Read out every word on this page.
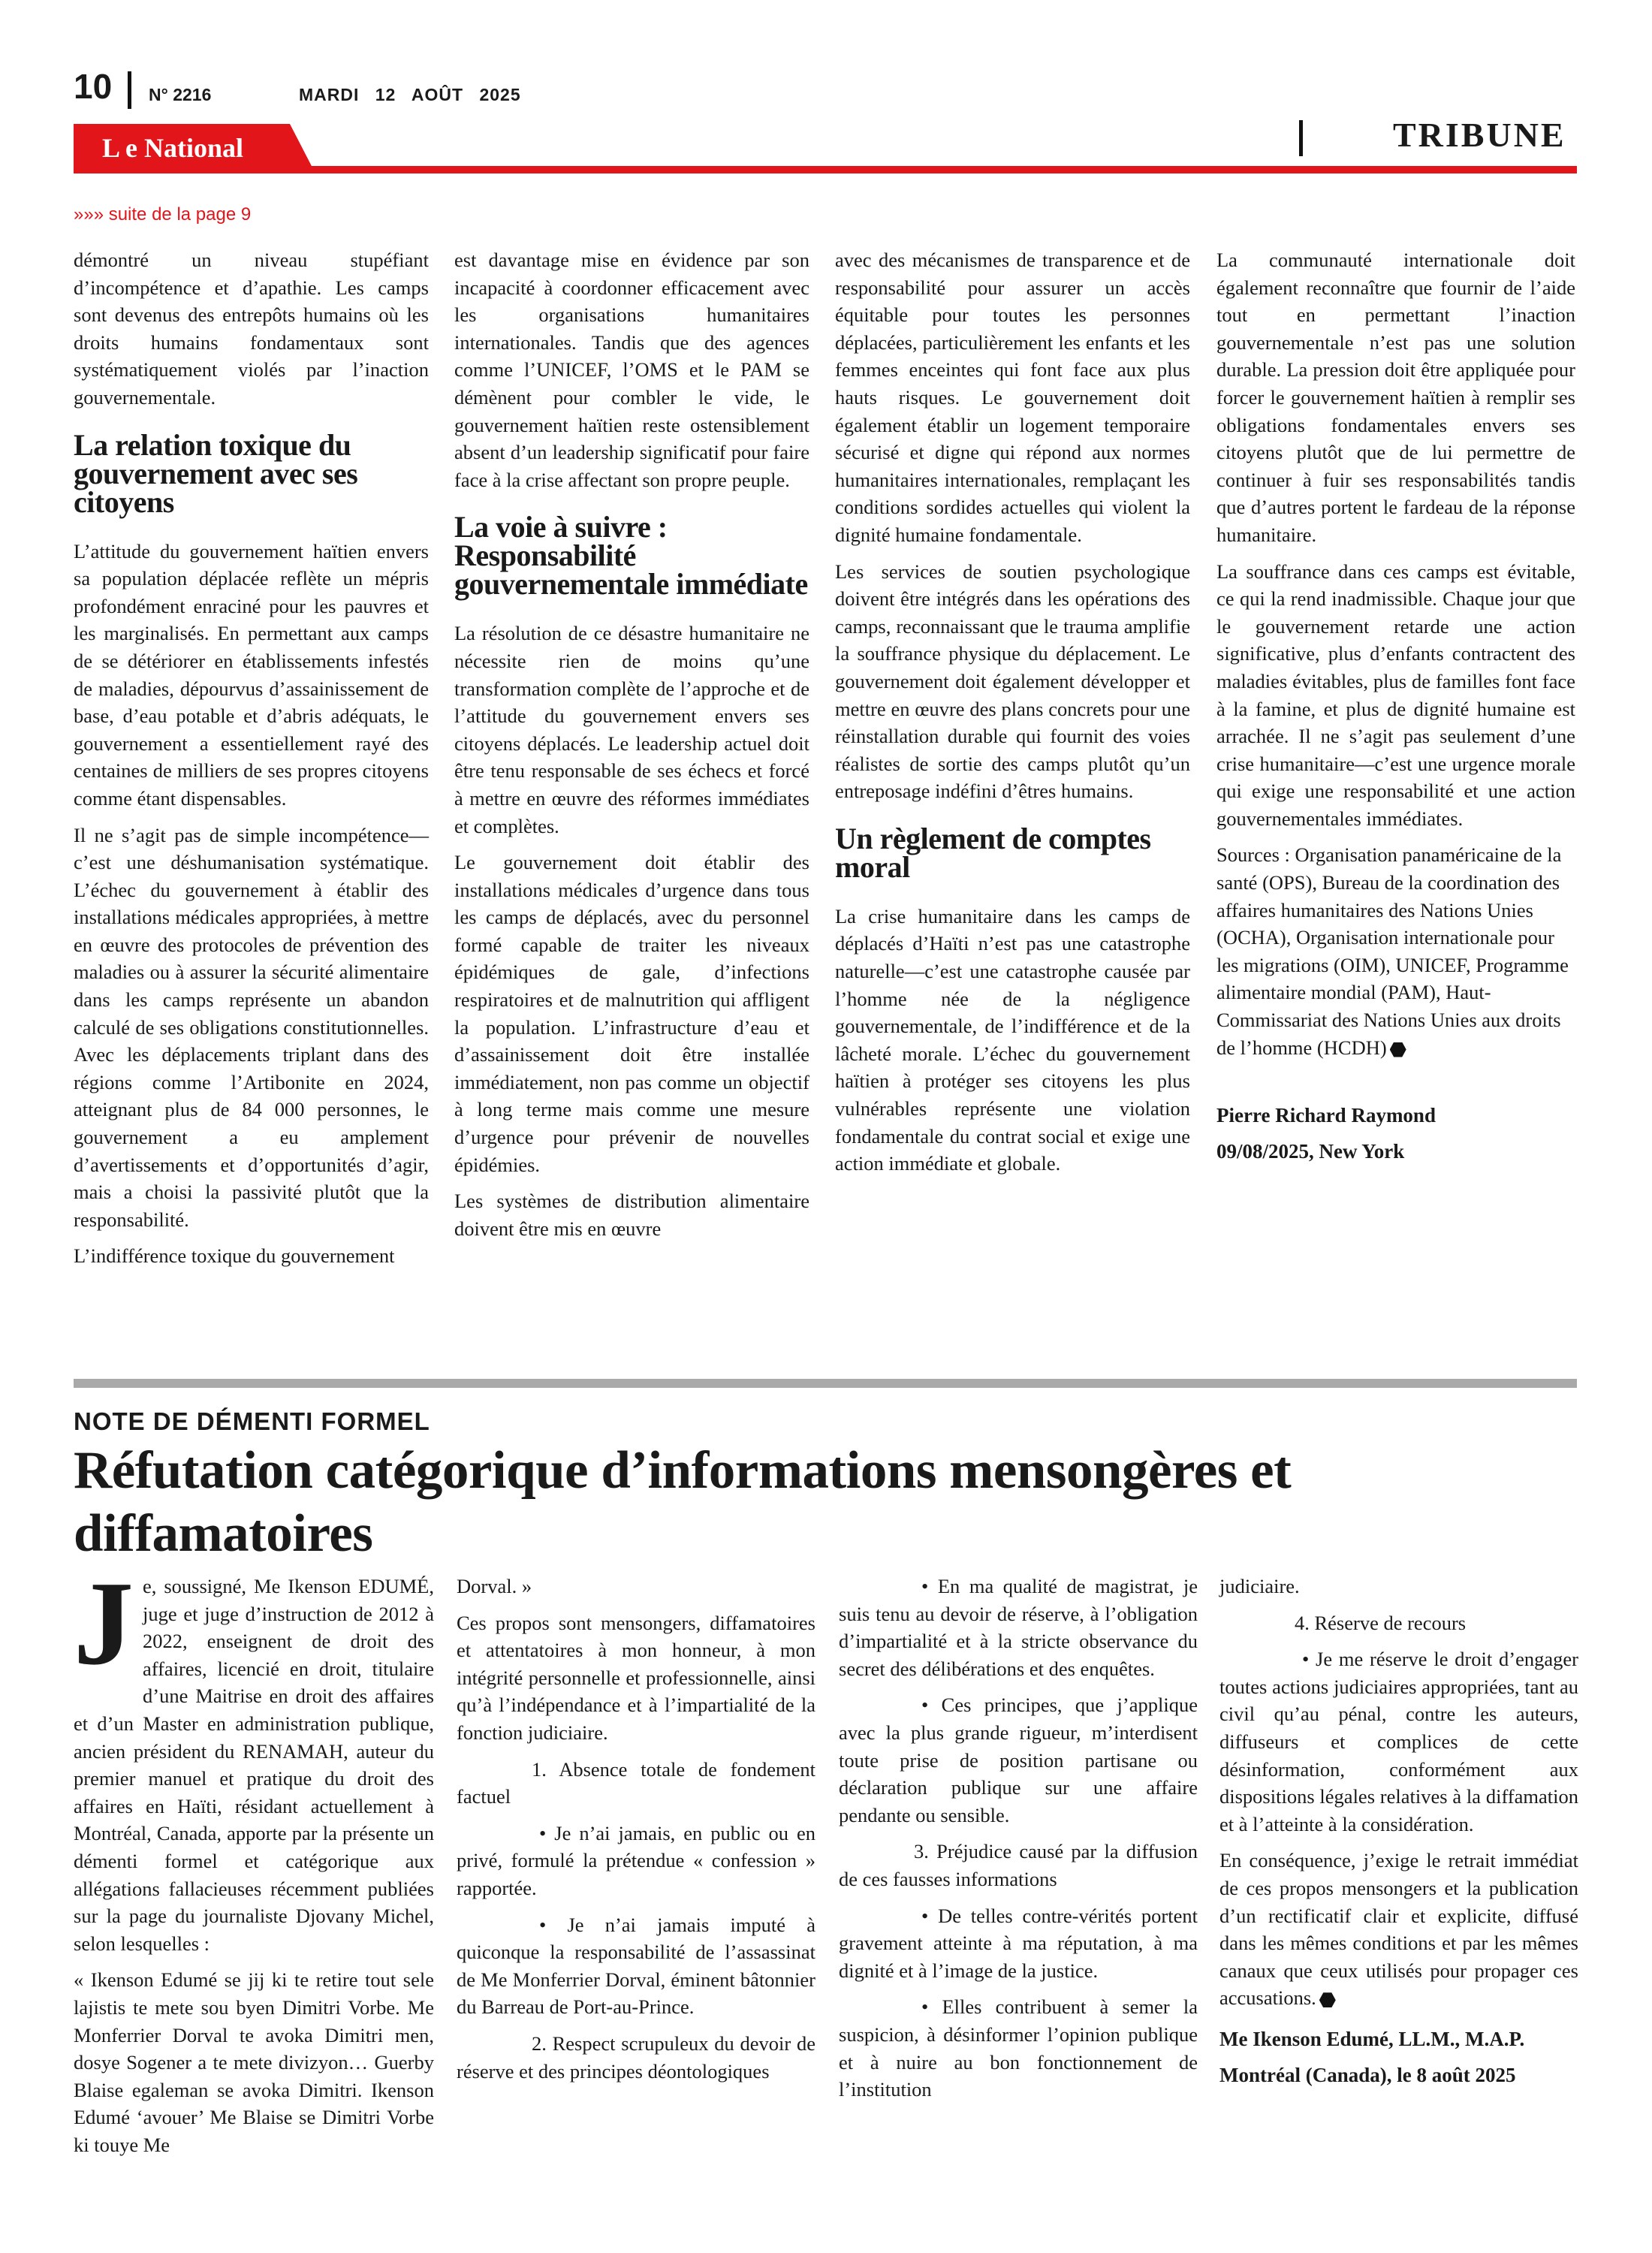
10 N° 2216	MARDI 12 AOÛT 2025
L e National	TRIBUNE
»»» suite de la page 9

démontré un niveau stupéfiant d’incompétence et d’apathie. Les camps sont devenus des entrepôts humains où les droits humains fondamentaux sont systématiquement violés par l’inaction gouvernementale.

La relation toxique du gouvernement avec ses citoyens

L’attitude du gouvernement haïtien envers sa population déplacée reflète un mépris profondément enraciné pour les pauvres et les marginalisés. En permettant aux camps de se détériorer en établissements infestés de maladies, dépourvus d’assainissement de base, d’eau potable et d’abris adéquats, le gouvernement a essentiellement rayé des centaines de milliers de ses propres citoyens comme étant dispensables.

Il ne s’agit pas de simple incompétence—c’est une déshumanisation systématique. L’échec du gouvernement à établir des installations médicales appropriées, à mettre en œuvre des protocoles de prévention des maladies ou à assurer la sécurité alimentaire dans les camps représente un abandon calculé de ses obligations constitutionnelles. Avec les déplacements triplant dans des régions comme l’Artibonite en 2024, atteignant plus de 84 000 personnes, le gouvernement a eu amplement d’avertissements et d’opportunités d’agir, mais a choisi la passivité plutôt que la responsabilité.

L’indifférence toxique du gouvernement

est davantage mise en évidence par son incapacité à coordonner efficacement avec les organisations humanitaires internationales. Tandis que des agences comme l’UNICEF, l’OMS et le PAM se démènent pour combler le vide, le gouvernement haïtien reste ostensiblement absent d’un leadership significatif pour faire face à la crise affectant son propre peuple.

La voie à suivre : Responsabilité gouvernementale immédiate

La résolution de ce désastre humanitaire ne nécessite rien de moins qu’une transformation complète de l’approche et de l’attitude du gouvernement envers ses citoyens déplacés. Le leadership actuel doit être tenu responsable de ses échecs et forcé à mettre en œuvre des réformes immédiates et complètes.

Le gouvernement doit établir des installations médicales d’urgence dans tous les camps de déplacés, avec du personnel formé capable de traiter les niveaux épidémiques de gale, d’infections respiratoires et de malnutrition qui affligent la population. L’infrastructure d’eau et d’assainissement doit être installée immédiatement, non pas comme un objectif à long terme mais comme une mesure d’urgence pour prévenir de nouvelles épidémies.

Les systèmes de distribution alimentaire doivent être mis en œuvre

avec des mécanismes de transparence et de responsabilité pour assurer un accès équitable pour toutes les personnes déplacées, particulièrement les enfants et les femmes enceintes qui font face aux plus hauts risques. Le gouvernement doit également établir un logement temporaire sécurisé et digne qui répond aux normes humanitaires internationales, remplaçant les conditions sordides actuelles qui violent la dignité humaine fondamentale.

Les services de soutien psychologique doivent être intégrés dans les opérations des camps, reconnaissant que le trauma amplifie la souffrance physique du déplacement. Le gouvernement doit également développer et mettre en œuvre des plans concrets pour une réinstallation durable qui fournit des voies réalistes de sortie des camps plutôt qu’un entreposage indéfini d’êtres humains.

Un règlement de comptes moral

La crise humanitaire dans les camps de déplacés d’Haïti n’est pas une catastrophe naturelle—c’est une catastrophe causée par l’homme née de la négligence gouvernementale, de l’indifférence et de la lâcheté morale. L’échec du gouvernement haïtien à protéger ses citoyens les plus vulnérables représente une violation fondamentale du contrat social et exige une action immédiate et globale.

La communauté internationale doit également reconnaître que fournir de l’aide tout en permettant l’inaction gouvernementale n’est pas une solution durable. La pression doit être appliquée pour forcer le gouvernement haïtien à remplir ses obligations fondamentales envers ses citoyens plutôt que de lui permettre de continuer à fuir ses responsabilités tandis que d’autres portent le fardeau de la réponse humanitaire.

La souffrance dans ces camps est évitable, ce qui la rend inadmissible. Chaque jour que le gouvernement retarde une action significative, plus d’enfants contractent des maladies évitables, plus de familles font face à la famine, et plus de dignité humaine est arrachée. Il ne s’agit pas seulement d’une crise humanitaire—c’est une urgence morale qui exige une responsabilité et une action gouvernementales immédiates.

Sources : Organisation panaméricaine de la santé (OPS), Bureau de la coordination des affaires humanitaires des Nations Unies (OCHA), Organisation internationale pour les migrations (OIM), UNICEF, Programme alimentaire mondial (PAM), Haut-Commissariat des Nations Unies aux droits de l’homme (HCDH)

Pierre Richard Raymond
09/08/2025, New York
NOTE DE DÉMENTI FORMEL
Réfutation catégorique d’informations mensongères et diffamatoires

Je, soussigné, Me Ikenson EDUMÉ, juge et juge d’instruction de 2012 à 2022, enseignent de droit des affaires, licencié en droit, titulaire d’une Maitrise en droit des affaires et d’un Master en administration publique, ancien président du RENAMAH, auteur du premier manuel et pratique du droit des affaires en Haïti, résidant actuellement à Montréal, Canada, apporte par la présente un démenti formel et catégorique aux allégations fallacieuses récemment publiées sur la page du journaliste Djovany Michel, selon lesquelles :

« Ikenson Edumé se jij ki te retire tout sele lajistis te mete sou byen Dimitri Vorbe. Me Monferrier Dorval te avoka Dimitri men, dosye Sogener a te mete divizyon… Guerby Blaise egaleman se avoka Dimitri. Ikenson Edumé ‘avouer’ Me Blaise se Dimitri Vorbe ki touye Me

Dorval. »

Ces propos sont mensongers, diffamatoires et attentatoires à mon honneur, à mon intégrité personnelle et professionnelle, ainsi qu’à l’indépendance et à l’impartialité de la fonction judiciaire.

1. Absence totale de fondement factuel

• Je n’ai jamais, en public ou en privé, formulé la prétendue « confession » rapportée.

• Je n’ai jamais imputé à quiconque la responsabilité de l’assassinat de Me Monferrier Dorval, éminent bâtonnier du Barreau de Port-au-Prince.

2. Respect scrupuleux du devoir de réserve et des principes déontologiques

• En ma qualité de magistrat, je suis tenu au devoir de réserve, à l’obligation d’impartialité et à la stricte observance du secret des délibérations et des enquêtes.

• Ces principes, que j’applique avec la plus grande rigueur, m’interdisent toute prise de position partisane ou déclaration publique sur une affaire pendante ou sensible.

3. Préjudice causé par la diffusion de ces fausses informations

• De telles contre-vérités portent gravement atteinte à ma réputation, à ma dignité et à l’image de la justice.

• Elles contribuent à semer la suspicion, à désinformer l’opinion publique et à nuire au bon fonctionnement de l’institution

judiciaire.

4. Réserve de recours

• Je me réserve le droit d’engager toutes actions judiciaires appropriées, tant au civil qu’au pénal, contre les auteurs, diffuseurs et complices de cette désinformation, conformément aux dispositions légales relatives à la diffamation et à l’atteinte à la considération.

En conséquence, j’exige le retrait immédiat de ces propos mensongers et la publication d’un rectificatif clair et explicite, diffusé dans les mêmes conditions et par les mêmes canaux que ceux utilisés pour propager ces accusations.

Me Ikenson Edumé, LL.M., M.A.P.
Montréal (Canada), le 8 août 2025
